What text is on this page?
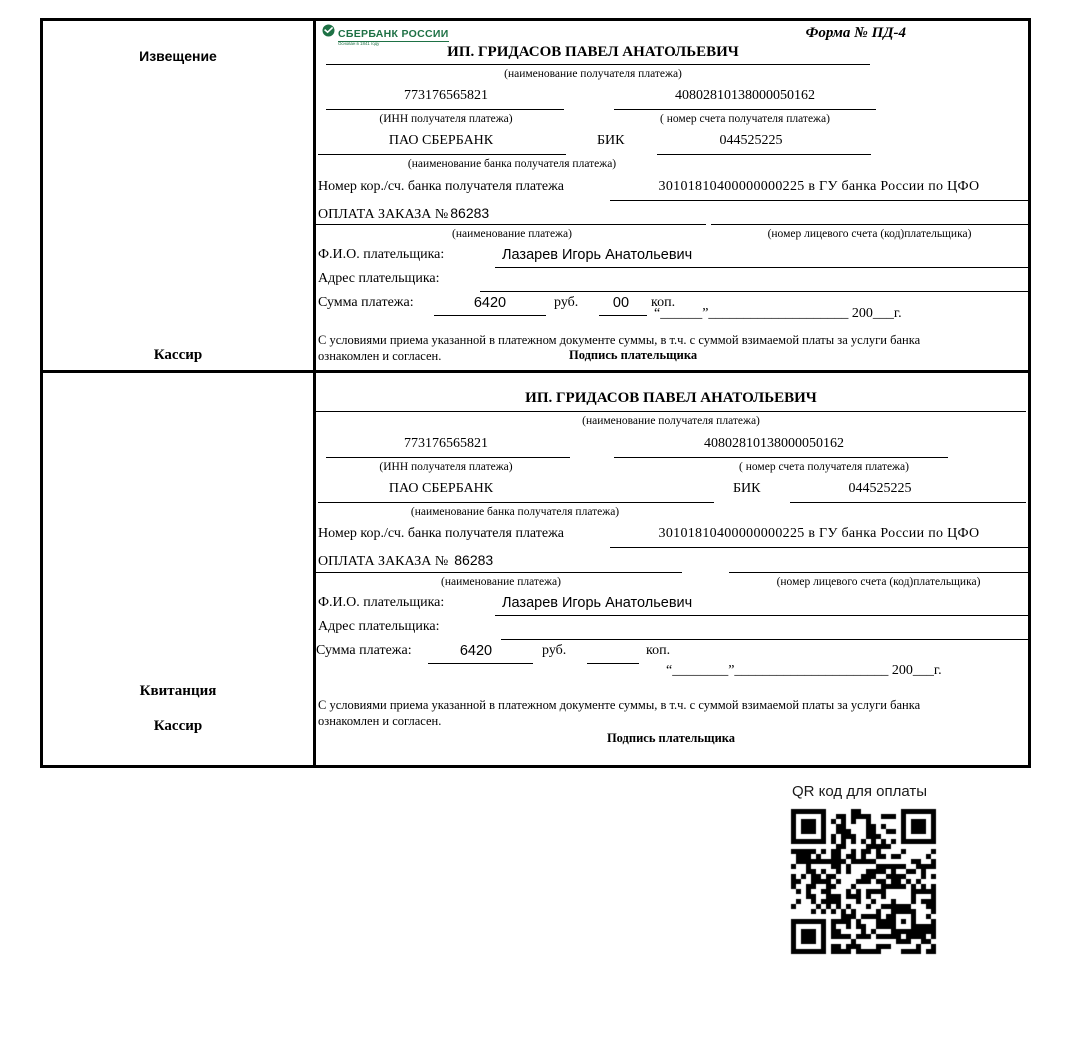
Извещение
Кассир
СБЕРБАНК РОССИИ
Основан в 1841 году
Форма № ПД-4
ИП. ГРИДАСОВ ПАВЕЛ АНАТОЛЬЕВИЧ
(наименование получателя платежа)
773176565821	40802810138000050162
(ИНН получателя платежа)	( номер счета получателя платежа)
ПАО СБЕРБАНК	БИК	044525225
(наименование банка получателя платежа)
Номер кор./сч. банка получателя платежа	30101810400000000225 в ГУ банка России по ЦФО
ОПЛАТА ЗАКАЗА № 86283
(наименование платежа)	(номер лицевого счета (код)плательщика)
Ф.И.О. плательщика:	Лазарев Игорь Анатольевич
Адрес плательщика:
Сумма платежа:	6420	руб.	00	коп.
“______”____________________ 200___г.
С условиями приема указанной в платежном документе суммы, в т.ч. с суммой взимаемой платы за услуги банка
ознакомлен и согласен.	Подпись плательщика
Квитанция
Кассир
ИП. ГРИДАСОВ ПАВЕЛ АНАТОЛЬЕВИЧ
(наименование получателя платежа)
773176565821	40802810138000050162
(ИНН получателя платежа)	( номер счета получателя платежа)
ПАО СБЕРБАНК	БИК	044525225
(наименование банка получателя платежа)
Номер кор./сч. банка получателя платежа	30101810400000000225 в ГУ банка России по ЦФО
ОПЛАТА ЗАКАЗА № 86283
(наименование платежа)	(номер лицевого счета (код)плательщика)
Ф.И.О. плательщика:	Лазарев Игорь Анатольевич
Адрес плательщика:
Сумма платежа:	6420	руб.	коп.
“________”______________________ 200___г.
С условиями приема указанной в платежном документе суммы, в т.ч. с суммой взимаемой платы за услуги банка
ознакомлен и согласен.
Подпись плательщика
QR код для оплаты
